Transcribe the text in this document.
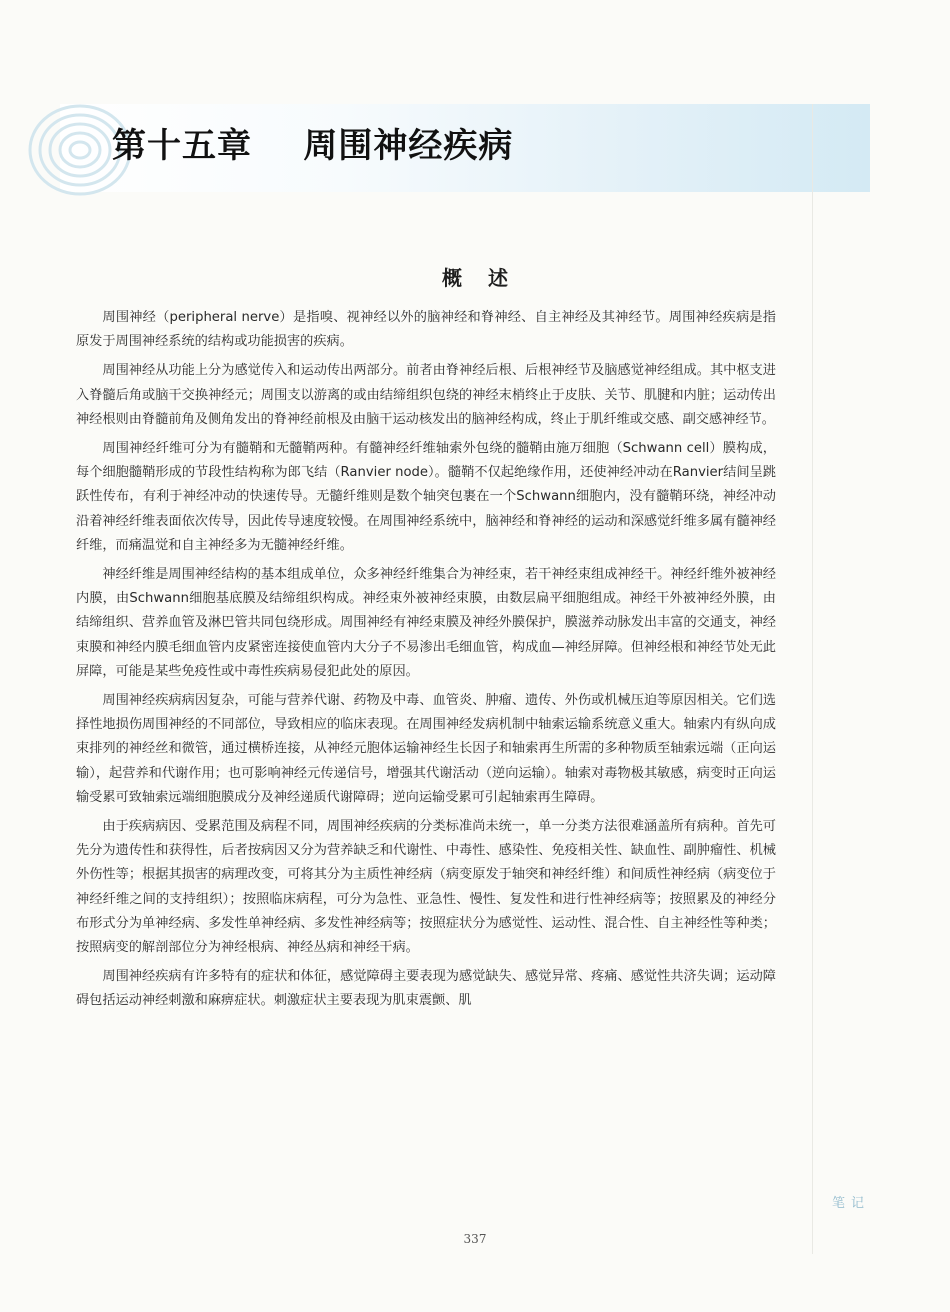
第十五章    周围神经疾病
概述

周围神经（peripheral nerve）是指嗅、视神经以外的脑神经和脊神经、自主神经及其神经节。周围神经疾病是指原发于周围神经系统的结构或功能损害的疾病。

周围神经从功能上分为感觉传入和运动传出两部分。前者由脊神经后根、后根神经节及脑感觉神经组成。其中枢支进入脊髓后角或脑干交换神经元；周围支以游离的或由结缔组织包绕的神经末梢终止于皮肤、关节、肌腱和内脏；运动传出神经根则由脊髓前角及侧角发出的脊神经前根及由脑干运动核发出的脑神经构成，终止于肌纤维或交感、副交感神经节。

周围神经纤维可分为有髓鞘和无髓鞘两种。有髓神经纤维轴索外包绕的髓鞘由施万细胞（Schwann cell）膜构成，每个细胞髓鞘形成的节段性结构称为郎飞结（Ranvier node）。髓鞘不仅起绝缘作用，还使神经冲动在Ranvier结间呈跳跃性传布，有利于神经冲动的快速传导。无髓纤维则是数个轴突包裹在一个Schwann细胞内，没有髓鞘环绕，神经冲动沿着神经纤维表面依次传导，因此传导速度较慢。在周围神经系统中，脑神经和脊神经的运动和深感觉纤维多属有髓神经纤维，而痛温觉和自主神经多为无髓神经纤维。

神经纤维是周围神经结构的基本组成单位，众多神经纤维集合为神经束，若干神经束组成神经干。神经纤维外被神经内膜，由Schwann细胞基底膜及结缔组织构成。神经束外被神经束膜，由数层扁平细胞组成。神经干外被神经外膜，由结缔组织、营养血管及淋巴管共同包绕形成。周围神经有神经束膜及神经外膜保护，膜滋养动脉发出丰富的交通支，神经束膜和神经内膜毛细血管内皮紧密连接使血管内大分子不易渗出毛细血管，构成血—神经屏障。但神经根和神经节处无此屏障，可能是某些免疫性或中毒性疾病易侵犯此处的原因。

周围神经疾病病因复杂，可能与营养代谢、药物及中毒、血管炎、肿瘤、遗传、外伤或机械压迫等原因相关。它们选择性地损伤周围神经的不同部位，导致相应的临床表现。在周围神经发病机制中轴索运输系统意义重大。轴索内有纵向成束排列的神经丝和微管，通过横桥连接，从神经元胞体运输神经生长因子和轴索再生所需的多种物质至轴索远端（正向运输），起营养和代谢作用；也可影响神经元传递信号，增强其代谢活动（逆向运输）。轴索对毒物极其敏感，病变时正向运输受累可致轴索远端细胞膜成分及神经递质代谢障碍；逆向运输受累可引起轴索再生障碍。

由于疾病病因、受累范围及病程不同，周围神经疾病的分类标准尚未统一，单一分类方法很难涵盖所有病种。首先可先分为遗传性和获得性，后者按病因又分为营养缺乏和代谢性、中毒性、感染性、免疫相关性、缺血性、副肿瘤性、机械外伤性等；根据其损害的病理改变，可将其分为主质性神经病（病变原发于轴突和神经纤维）和间质性神经病（病变位于神经纤维之间的支持组织）；按照临床病程，可分为急性、亚急性、慢性、复发性和进行性神经病等；按照累及的神经分布形式分为单神经病、多发性单神经病、多发性神经病等；按照症状分为感觉性、运动性、混合性、自主神经性等种类；按照病变的解剖部位分为神经根病、神经丛病和神经干病。

周围神经疾病有许多特有的症状和体征，感觉障碍主要表现为感觉缺失、感觉异常、疼痛、感觉性共济失调；运动障碍包括运动神经刺激和麻痹症状。刺激症状主要表现为肌束震颤、肌

笔记
337
